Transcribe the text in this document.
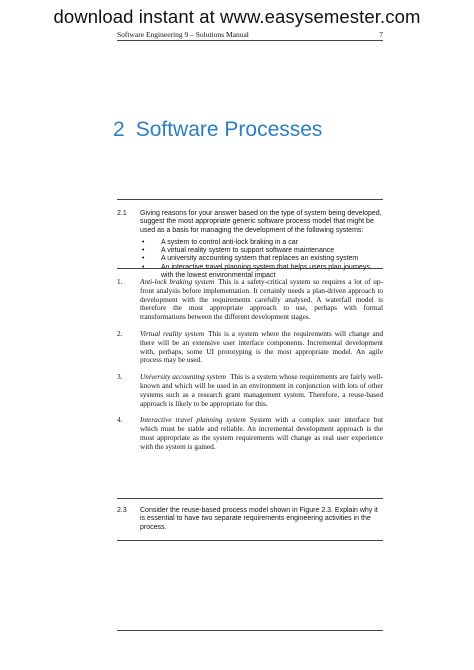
download instant at www.easysemester.com
Software Engineering 9 – Solutions Manual	7
2 Software Processes
2.1 Giving reasons for your answer based on the type of system being developed, suggest the most appropriate generic software process model that might be used as a basis for managing the development of the following systems:
• A system to control anti-lock braking in a car
• A virtual reality system to support software maintenance
• A university accounting system that replaces an existing system
• An interactive travel planning system that helps users plan journeys with the lowest environmental impact
1. Anti-lock braking system This is a safety-critical system so requires a lot of up-front analysis before implementation. It certainly needs a plan-driven approach to development with the requirements carefully analysed. A waterfall model is therefore the most appropriate approach to use, perhaps with formal transformations between the different development stages.
2. Virtual reality system This is a system where the requirements will change and there will be an extensive user interface components. Incremental development with, perhaps, some UI prototyping is the most appropriate model. An agile process may be used.
3. University accounting system This is a system whose requirements are fairly well-known and which will be used in an environment in conjunction with lots of other systems such as a research grant management system. Therefore, a reuse-based approach is likely to be appropriate for this.
4. Interactive travel planning system System with a complex user interface but which must be stable and reliable. An incremental development approach is the most appropriate as the system requirements will change as real user experience with the system is gained.
2.3 Consider the reuse-based process model shown in Figure 2.3. Explain why it is essential to have two separate requirements engineering activities in the process.
